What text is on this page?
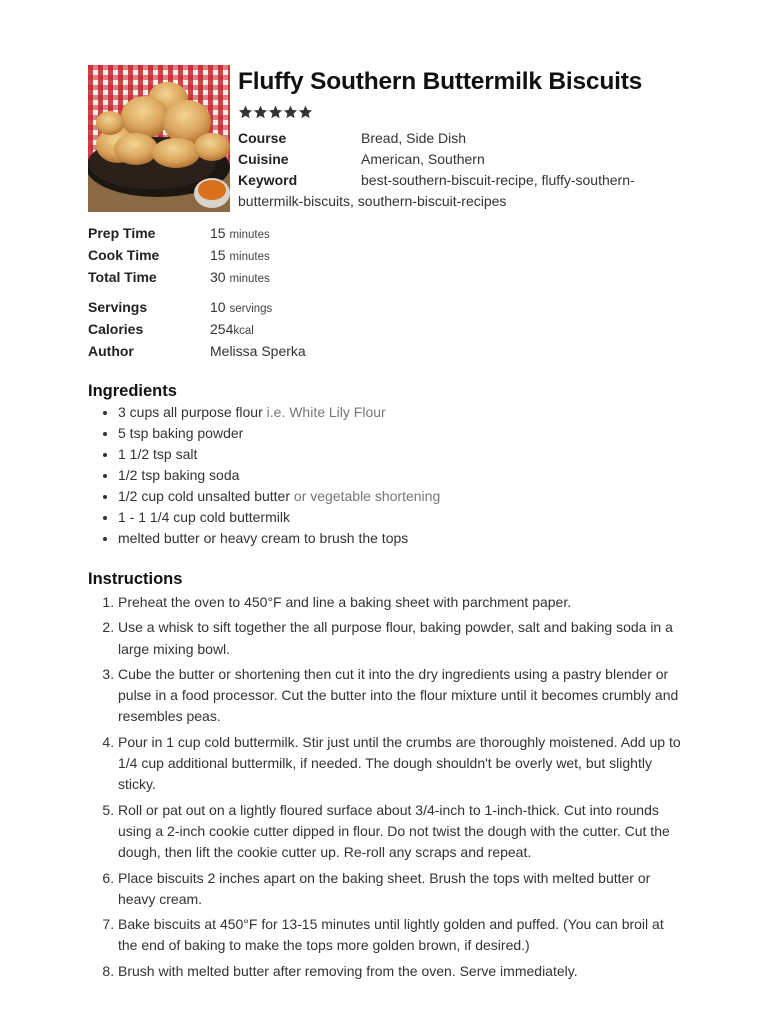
Fluffy Southern Buttermilk Biscuits
Course	Bread, Side Dish
Cuisine	American, Southern
Keyword	best-southern-biscuit-recipe, fluffy-southern-buttermilk-biscuits, southern-biscuit-recipes
Prep Time	15 minutes
Cook Time	15 minutes
Total Time	30 minutes
Servings	10 servings
Calories	254kcal
Author	Melissa Sperka
Ingredients
• 3 cups all purpose flour i.e. White Lily Flour
• 5 tsp baking powder
• 1 1/2 tsp salt
• 1/2 tsp baking soda
• 1/2 cup cold unsalted butter or vegetable shortening
• 1 - 1 1/4 cup cold buttermilk
• melted butter or heavy cream to brush the tops
Instructions
1. Preheat the oven to 450°F and line a baking sheet with parchment paper.
2. Use a whisk to sift together the all purpose flour, baking powder, salt and baking soda in a large mixing bowl.
3. Cube the butter or shortening then cut it into the dry ingredients using a pastry blender or pulse in a food processor. Cut the butter into the flour mixture until it becomes crumbly and resembles peas.
4. Pour in 1 cup cold buttermilk. Stir just until the crumbs are thoroughly moistened. Add up to 1/4 cup additional buttermilk, if needed. The dough shouldn't be overly wet, but slightly sticky.
5. Roll or pat out on a lightly floured surface about 3/4-inch to 1-inch-thick. Cut into rounds using a 2-inch cookie cutter dipped in flour. Do not twist the dough with the cutter. Cut the dough, then lift the cookie cutter up. Re-roll any scraps and repeat.
6. Place biscuits 2 inches apart on the baking sheet. Brush the tops with melted butter or heavy cream.
7. Bake biscuits at 450°F for 13-15 minutes until lightly golden and puffed. (You can broil at the end of baking to make the tops more golden brown, if desired.)
8. Brush with melted butter after removing from the oven. Serve immediately.
